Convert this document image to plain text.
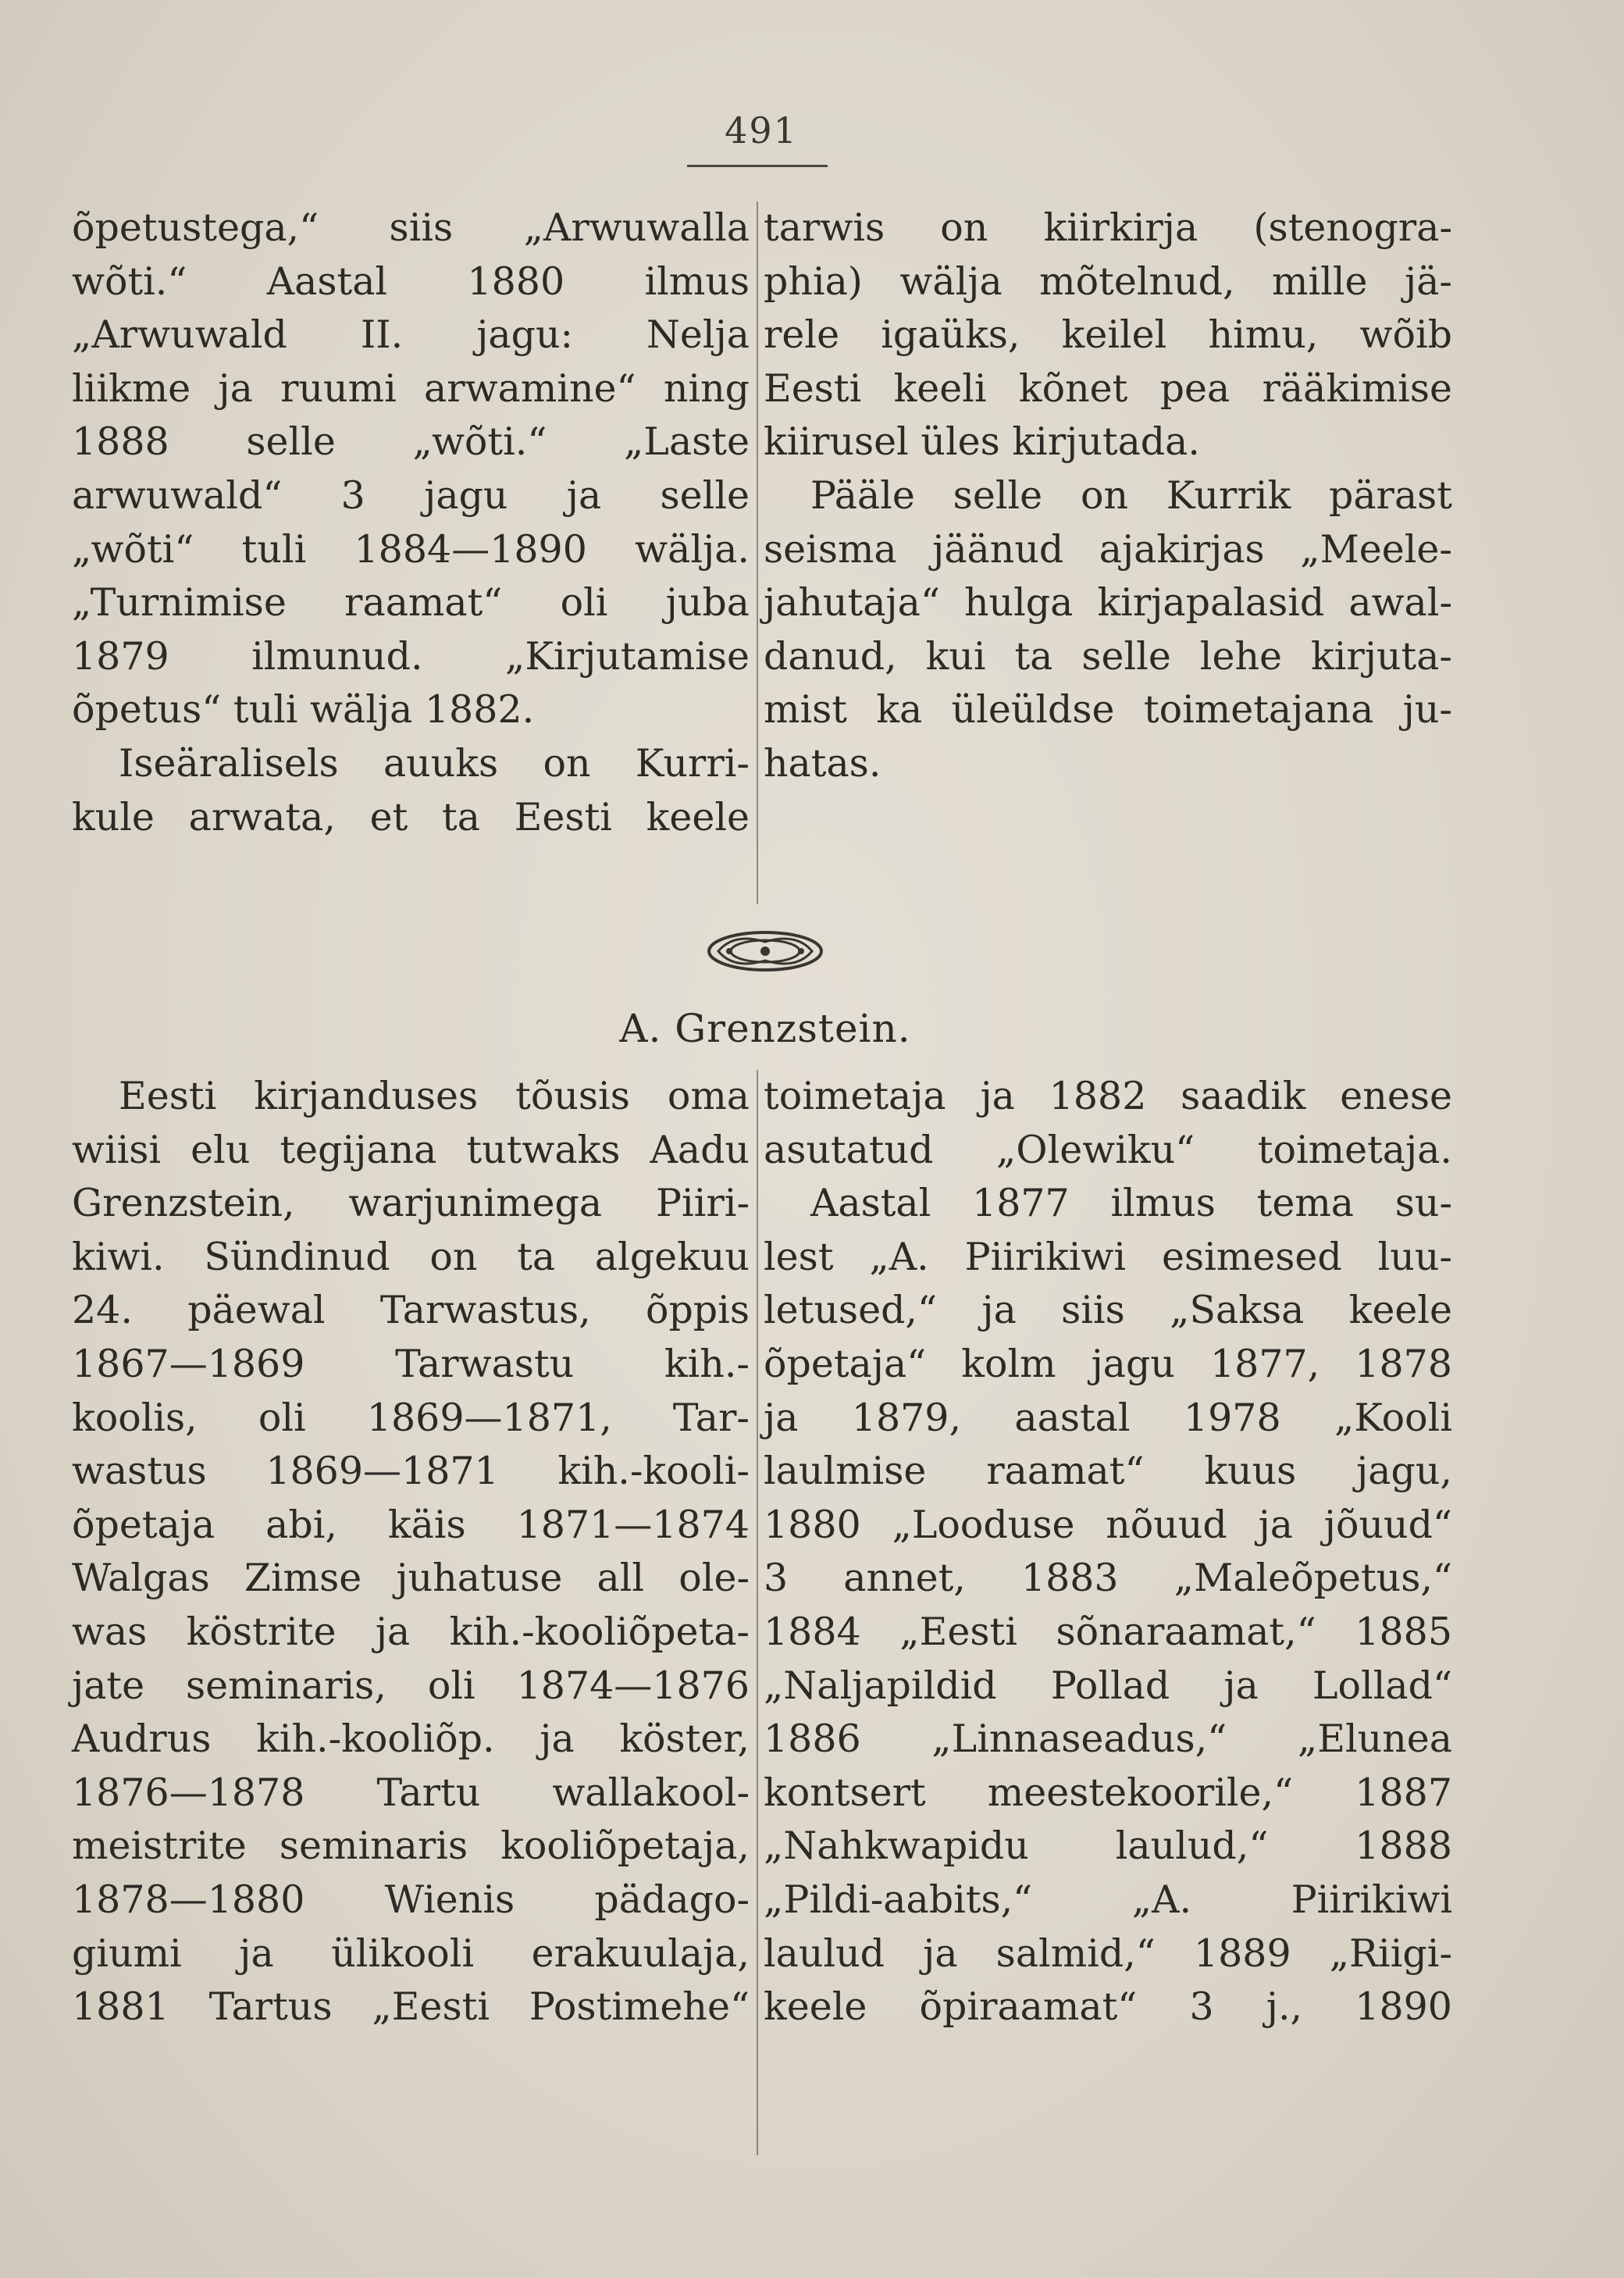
491
õpetustega,“ siis „Arwuwalla
wõti.“ Aastal 1880 ilmus
„Arwuwald II. jagu: Nelja
liikme ja ruumi arwamine“ ning
1888 selle „wõti.“ „Laste
arwuwald“ 3 jagu ja selle
„wõti“ tuli 1884—1890 wälja.
„Turnimise raamat“ oli juba
1879 ilmunud. „Kirjutamise
õpetus“ tuli wälja 1882.
Iseäralisels auuks on Kurri-
kule arwata, et ta Eesti keele
tarwis on kiirkirja (stenogra-
phia) wälja mõtelnud, mille jä-
rele igaüks, keilel himu, wõib
Eesti keeli kõnet pea rääkimise
kiirusel üles kirjutada.
Pääle selle on Kurrik pärast
seisma jäänud ajakirjas „Meele-
jahutaja“ hulga kirjapalasid awal-
danud, kui ta selle lehe kirjuta-
mist ka üleüldse toimetajana ju-
hatas.
A. Grenzstein.
Eesti kirjanduses tõusis oma
wiisi elu tegijana tutwaks Aadu
Grenzstein, warjunimega Piiri-
kiwi. Sündinud on ta algekuu
24. päewal Tarwastus, õppis
1867—1869 Tarwastu kih.-
koolis, oli 1869—1871, Tar-
wastus 1869—1871 kih.-kooli-
õpetaja abi, käis 1871—1874
Walgas Zimse juhatuse all ole-
was köstrite ja kih.-kooliõpeta-
jate seminaris, oli 1874—1876
Audrus kih.-kooliõp. ja köster,
1876—1878 Tartu wallakool-
meistrite seminaris kooliõpetaja,
1878—1880 Wienis pädago-
giumi ja ülikooli erakuulaja,
1881 Tartus „Eesti Postimehe“
toimetaja ja 1882 saadik enese
asutatud „Olewiku“ toimetaja.
Aastal 1877 ilmus tema su-
lest „A. Piirikiwi esimesed luu-
letused,“ ja siis „Saksa keele
õpetaja“ kolm jagu 1877, 1878
ja 1879, aastal 1978 „Kooli
laulmise raamat“ kuus jagu,
1880 „Looduse nõuud ja jõuud“
3 annet, 1883 „Maleõpetus,“
1884 „Eesti sõnaraamat,“ 1885
„Naljapildid Pollad ja Lollad“
1886 „Linnaseadus,“ „Elunea
kontsert meestekoorile,“ 1887
„Nahkwapidu laulud,“ 1888
„Pildi-aabits,“ „A. Piirikiwi
laulud ja salmid,“ 1889 „Riigi-
keele õpiraamat“ 3 j., 1890
